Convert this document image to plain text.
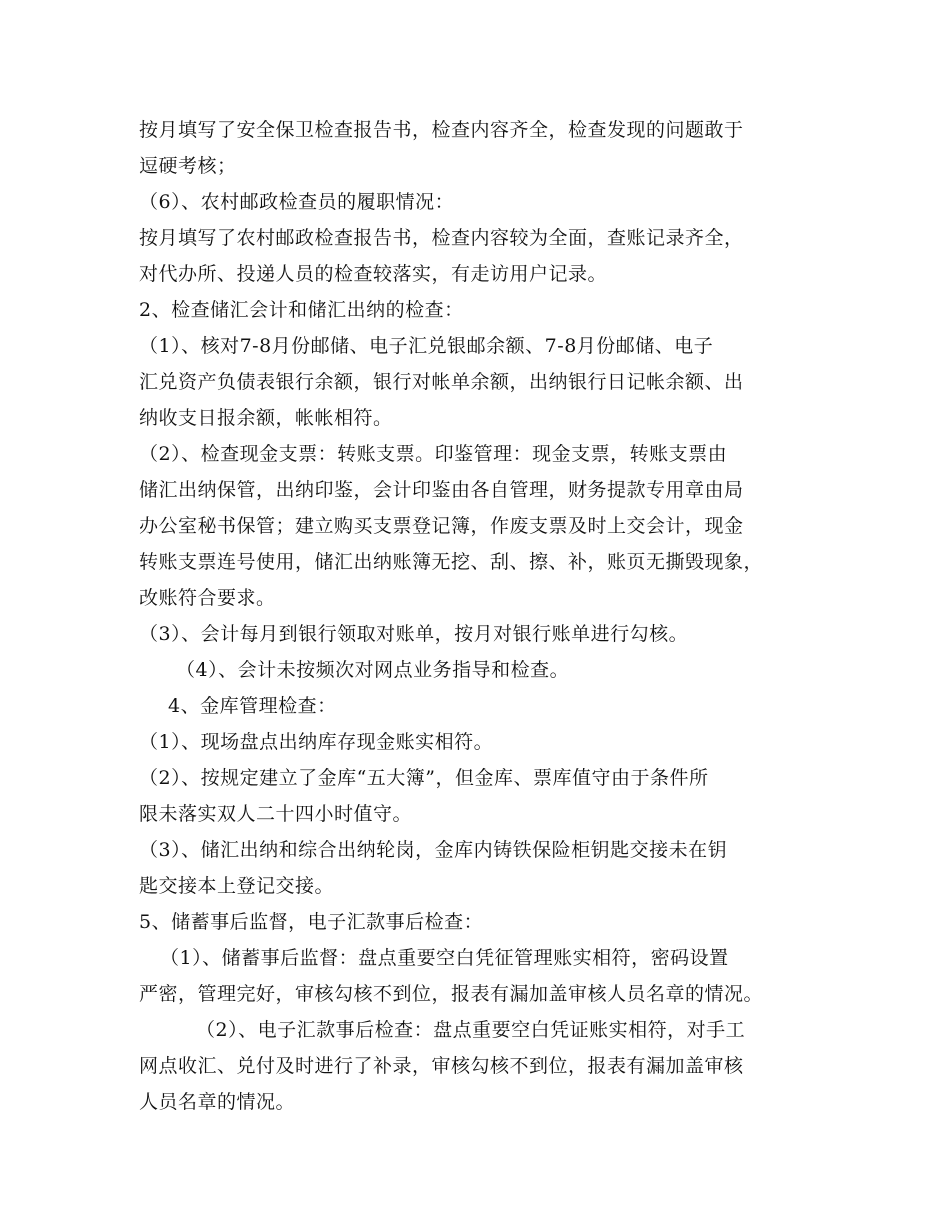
按月填写了安全保卫检查报告书，检查内容齐全，检查发现的问题敢于
逗硬考核；
（6）、农村邮政检查员的履职情况：
按月填写了农村邮政检查报告书，检查内容较为全面，查账记录齐全，
对代办所、投递人员的检查较落实，有走访用户记录。
2、检查储汇会计和储汇出纳的检查：
（1）、核对7-8月份邮储、电子汇兑银邮余额、7-8月份邮储、电子
汇兑资产负债表银行余额，银行对帐单余额，出纳银行日记帐余额、出
纳收支日报余额，帐帐相符。
（2）、检查现金支票：转账支票。印鉴管理：现金支票，转账支票由
储汇出纳保管，出纳印鉴，会计印鉴由各自管理，财务提款专用章由局
办公室秘书保管；建立购买支票登记簿，作废支票及时上交会计，现金
转账支票连号使用，储汇出纳账簿无挖、刮、擦、补，账页无撕毁现象，
改账符合要求。
（3）、会计每月到银行领取对账单，按月对银行账单进行勾核。
（4）、会计未按频次对网点业务指导和检查。
4、金库管理检查：
（1）、现场盘点出纳库存现金账实相符。
（2）、按规定建立了金库“五大簿”，但金库、票库值守由于条件所
限未落实双人二十四小时值守。
（3）、储汇出纳和综合出纳轮岗，金库内铸铁保险柜钥匙交接未在钥
匙交接本上登记交接。
5、储蓄事后监督，电子汇款事后检查：
（1）、储蓄事后监督：盘点重要空白凭征管理账实相符，密码设置
严密，管理完好，审核勾核不到位，报表有漏加盖审核人员名章的情况。
（2）、电子汇款事后检查：盘点重要空白凭证账实相符，对手工
网点收汇、兑付及时进行了补录，审核勾核不到位，报表有漏加盖审核
人员名章的情况。
